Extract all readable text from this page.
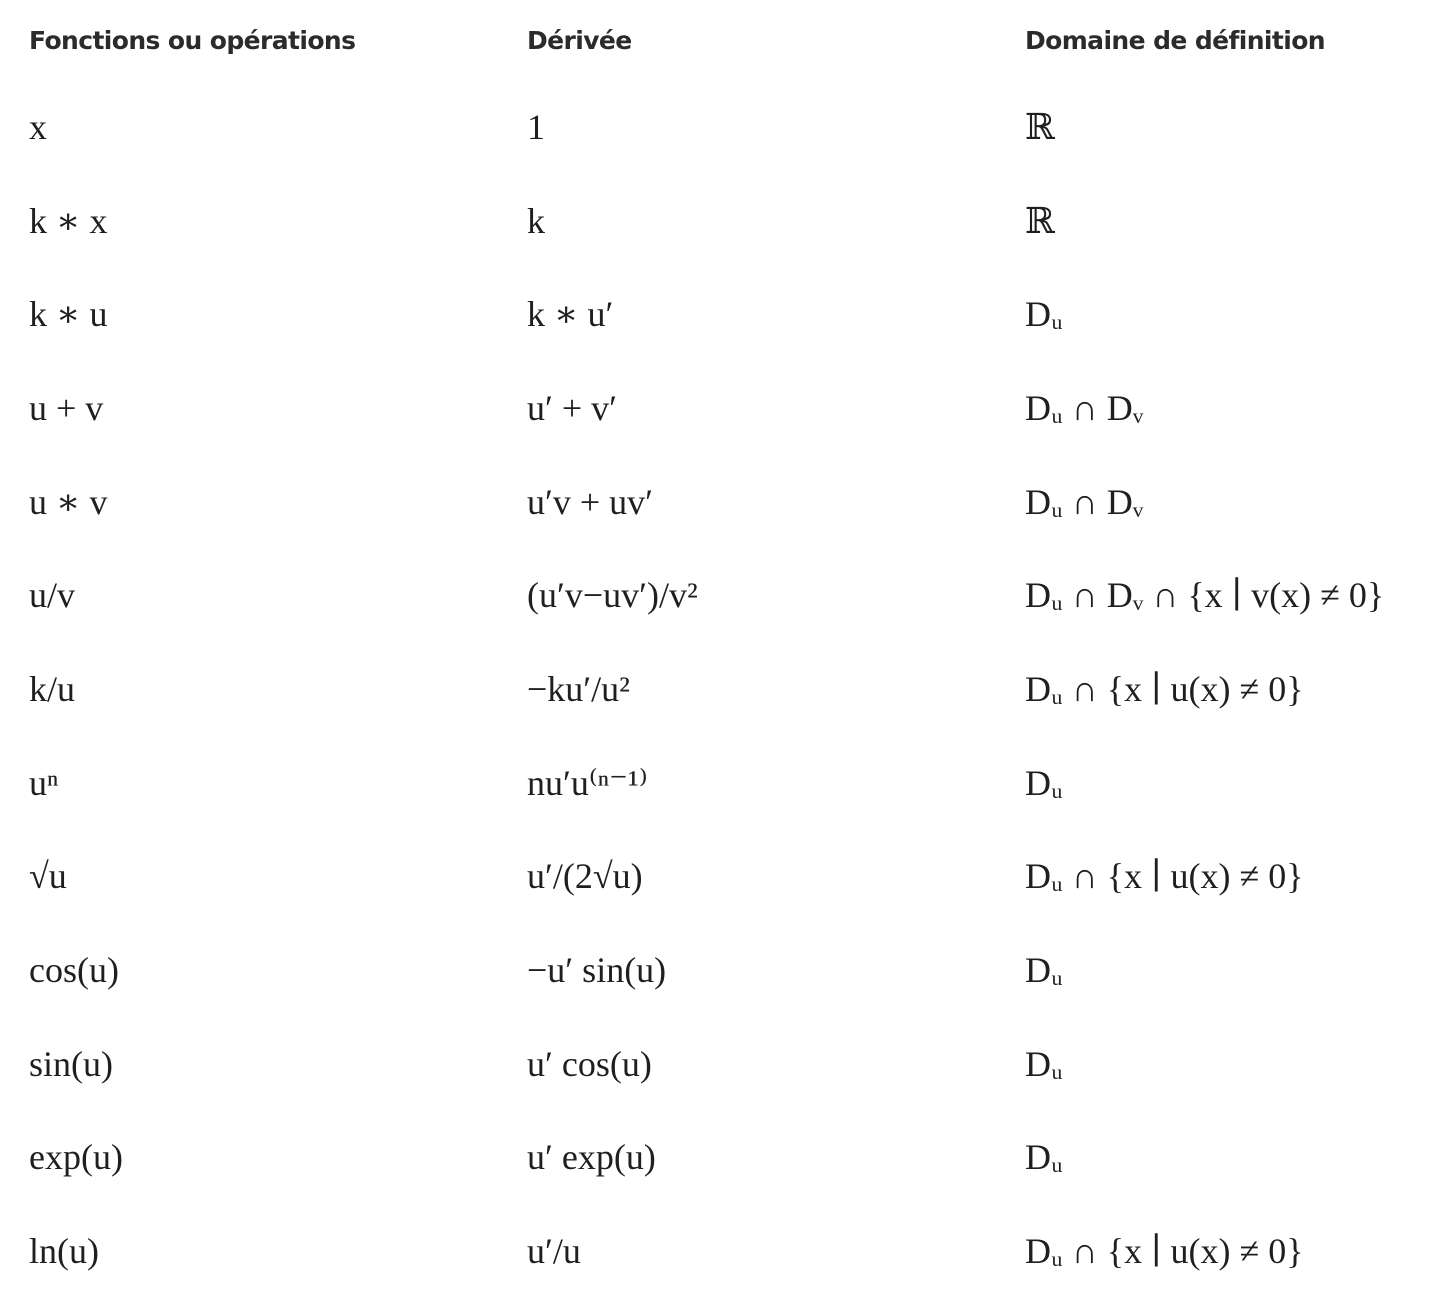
Fonctions ou opérations	Dérivée	Domaine de définition
x	1	ℝ
k ∗ x	k	ℝ
k ∗ u	k ∗ u′	Dᵤ
u + v	u′ + v′	Dᵤ ∩ Dᵥ
u ∗ v	u′v + uv′	Dᵤ ∩ Dᵥ
u/v	(u′v−uv′)/v²	Dᵤ ∩ Dᵥ ∩ {x ∣ v(x) ≠ 0}
k/u	−ku′/u²	Dᵤ ∩ {x ∣ u(x) ≠ 0}
uⁿ	nu′u⁽ⁿ⁻¹⁾	Dᵤ
√u	u′/(2√u)	Dᵤ ∩ {x ∣ u(x) ≠ 0}
cos(u)	−u′ sin(u)	Dᵤ
sin(u)	u′ cos(u)	Dᵤ
exp(u)	u′ exp(u)	Dᵤ
ln(u)	u′/u	Dᵤ ∩ {x ∣ u(x) ≠ 0}
